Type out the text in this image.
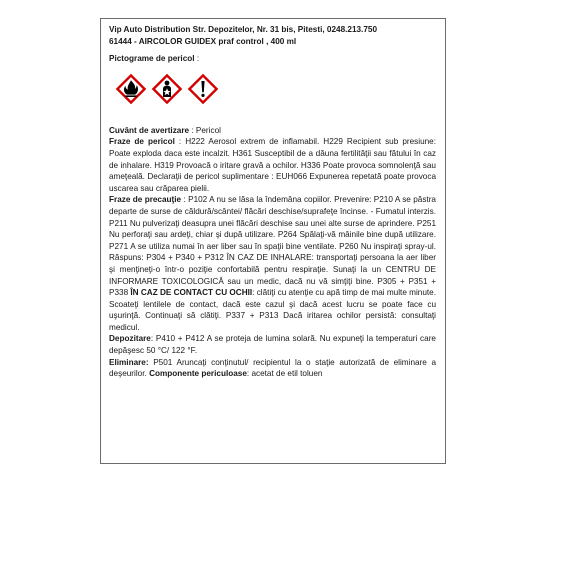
Vip Auto Distribution Str. Depozitelor, Nr. 31 bis, Pitesti, 0248.213.750
61444 - AIRCOLOR GUIDEX praf control , 400 ml
Pictograme de pericol :

Cuvânt de avertizare : Pericol

Fraze de pericol : H222 Aerosol extrem de inflamabil. H229 Recipient sub presiune: Poate exploda daca este incalzit. H361 Susceptibil de a dăuna fertilităţii sau fătului în caz de inhalare. H319 Provoacă o iritare gravă a ochilor. H336 Poate provoca somnolenţă sau ameţeală. Declaraţii de pericol suplimentare : EUH066 Expunerea repetată poate provoca uscarea sau crăparea pielii.

Fraze de precauţie : P102 A nu se lăsa la îndemâna copiilor. Prevenire: P210 A se păstra departe de surse de căldură/scântei/ flăcări deschise/suprafeţe încinse. - Fumatul interzis. P211 Nu pulverizaţi deasupra unei flăcări deschise sau unei alte surse de aprindere. P251 Nu perforaţi sau ardeţi, chiar şi după utilizare. P264 Spălaţi-vă mâinile bine după utilizare. P271 A se utiliza numai în aer liber sau în spaţii bine ventilate. P260 Nu inspiraţi spray-ul. Răspuns: P304 + P340 + P312 ÎN CAZ DE INHALARE: transportaţi persoana la aer liber şi menţineţi-o într-o poziţie confortabilă pentru respiraţie. Sunaţi la un CENTRU DE INFORMARE TOXICOLOGICĂ sau un medic, dacă nu vă simţiţi bine. P305 + P351 + P338 ÎN CAZ DE CONTACT CU OCHII: clătiţi cu atenţie cu apă timp de mai multe minute. Scoateţi lentilele de contact, dacă este cazul şi dacă acest lucru se poate face cu uşurinţă. Continuaţi să clătiţi. P337 + P313 Dacă iritarea ochilor persistă: consultaţi medicul.

Depozitare: P410 + P412 A se proteja de lumina solară. Nu expuneţi la temperaturi care depăşesc 50 °C/ 122 °F.

Eliminare: P501 Aruncaţi conţinutul/ recipientul la o staţie autorizată de eliminare a deşeurilor. Componente periculoase: acetat de etil toluen
